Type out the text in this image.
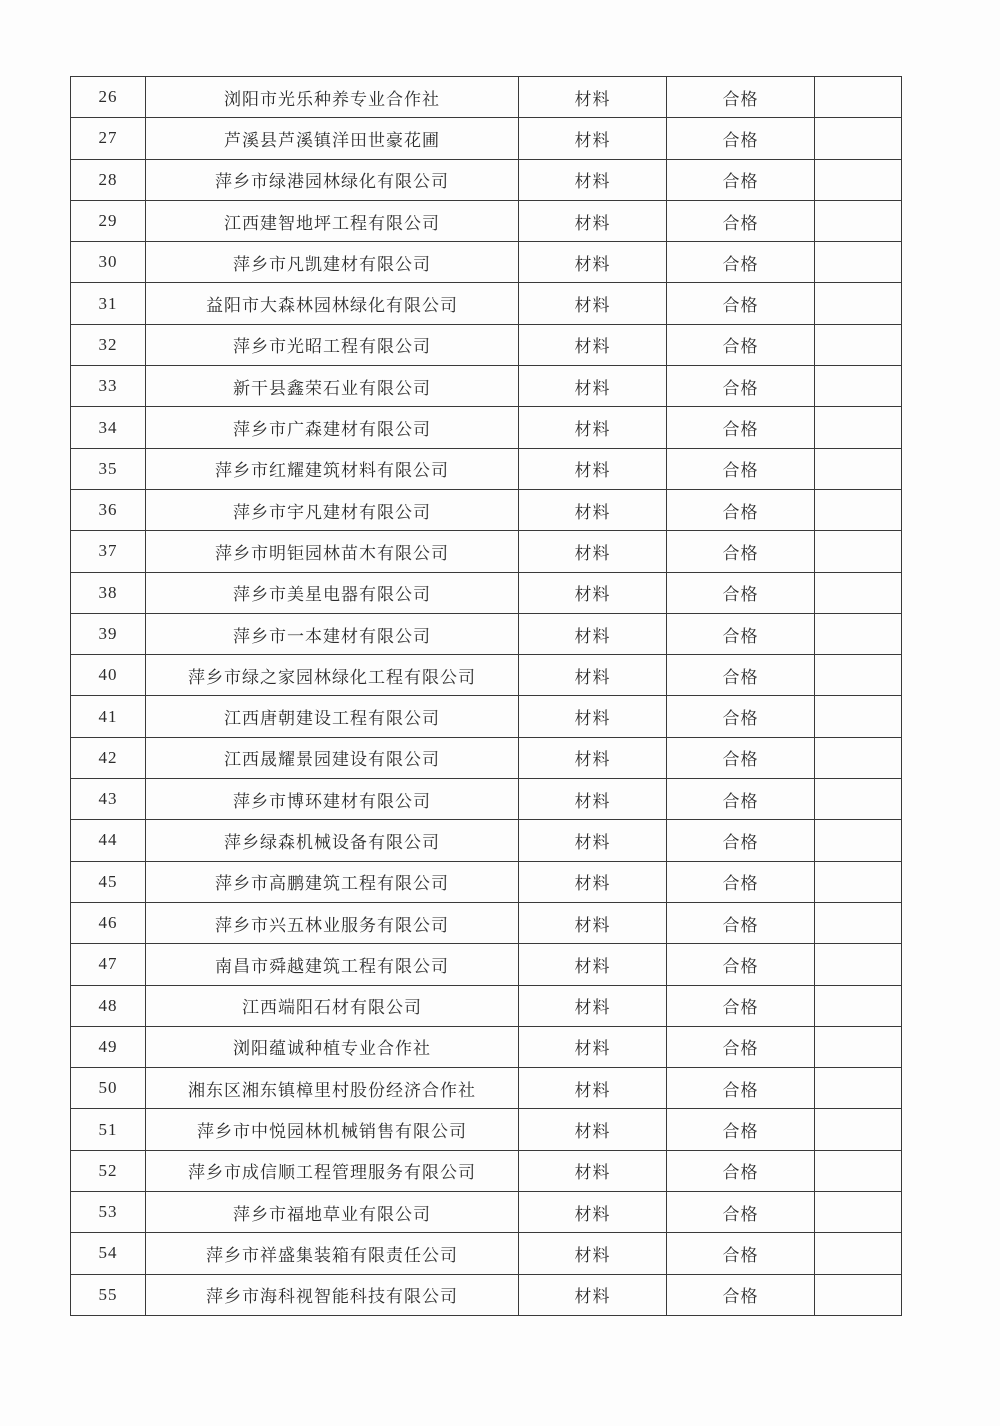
26	浏阳市光乐种养专业合作社	材料	合格	
27	芦溪县芦溪镇洋田世豪花圃	材料	合格	
28	萍乡市绿港园林绿化有限公司	材料	合格	
29	江西建智地坪工程有限公司	材料	合格	
30	萍乡市凡凯建材有限公司	材料	合格	
31	益阳市大森林园林绿化有限公司	材料	合格	
32	萍乡市光昭工程有限公司	材料	合格	
33	新干县鑫荣石业有限公司	材料	合格	
34	萍乡市广森建材有限公司	材料	合格	
35	萍乡市红耀建筑材料有限公司	材料	合格	
36	萍乡市宇凡建材有限公司	材料	合格	
37	萍乡市明钜园林苗木有限公司	材料	合格	
38	萍乡市美星电器有限公司	材料	合格	
39	萍乡市一本建材有限公司	材料	合格	
40	萍乡市绿之家园林绿化工程有限公司	材料	合格	
41	江西唐朝建设工程有限公司	材料	合格	
42	江西晟耀景园建设有限公司	材料	合格	
43	萍乡市博环建材有限公司	材料	合格	
44	萍乡绿森机械设备有限公司	材料	合格	
45	萍乡市高鹏建筑工程有限公司	材料	合格	
46	萍乡市兴五林业服务有限公司	材料	合格	
47	南昌市舜越建筑工程有限公司	材料	合格	
48	江西端阳石材有限公司	材料	合格	
49	浏阳蕴诚种植专业合作社	材料	合格	
50	湘东区湘东镇樟里村股份经济合作社	材料	合格	
51	萍乡市中悦园林机械销售有限公司	材料	合格	
52	萍乡市成信顺工程管理服务有限公司	材料	合格	
53	萍乡市福地草业有限公司	材料	合格	
54	萍乡市祥盛集装箱有限责任公司	材料	合格	
55	萍乡市海科视智能科技有限公司	材料	合格	
